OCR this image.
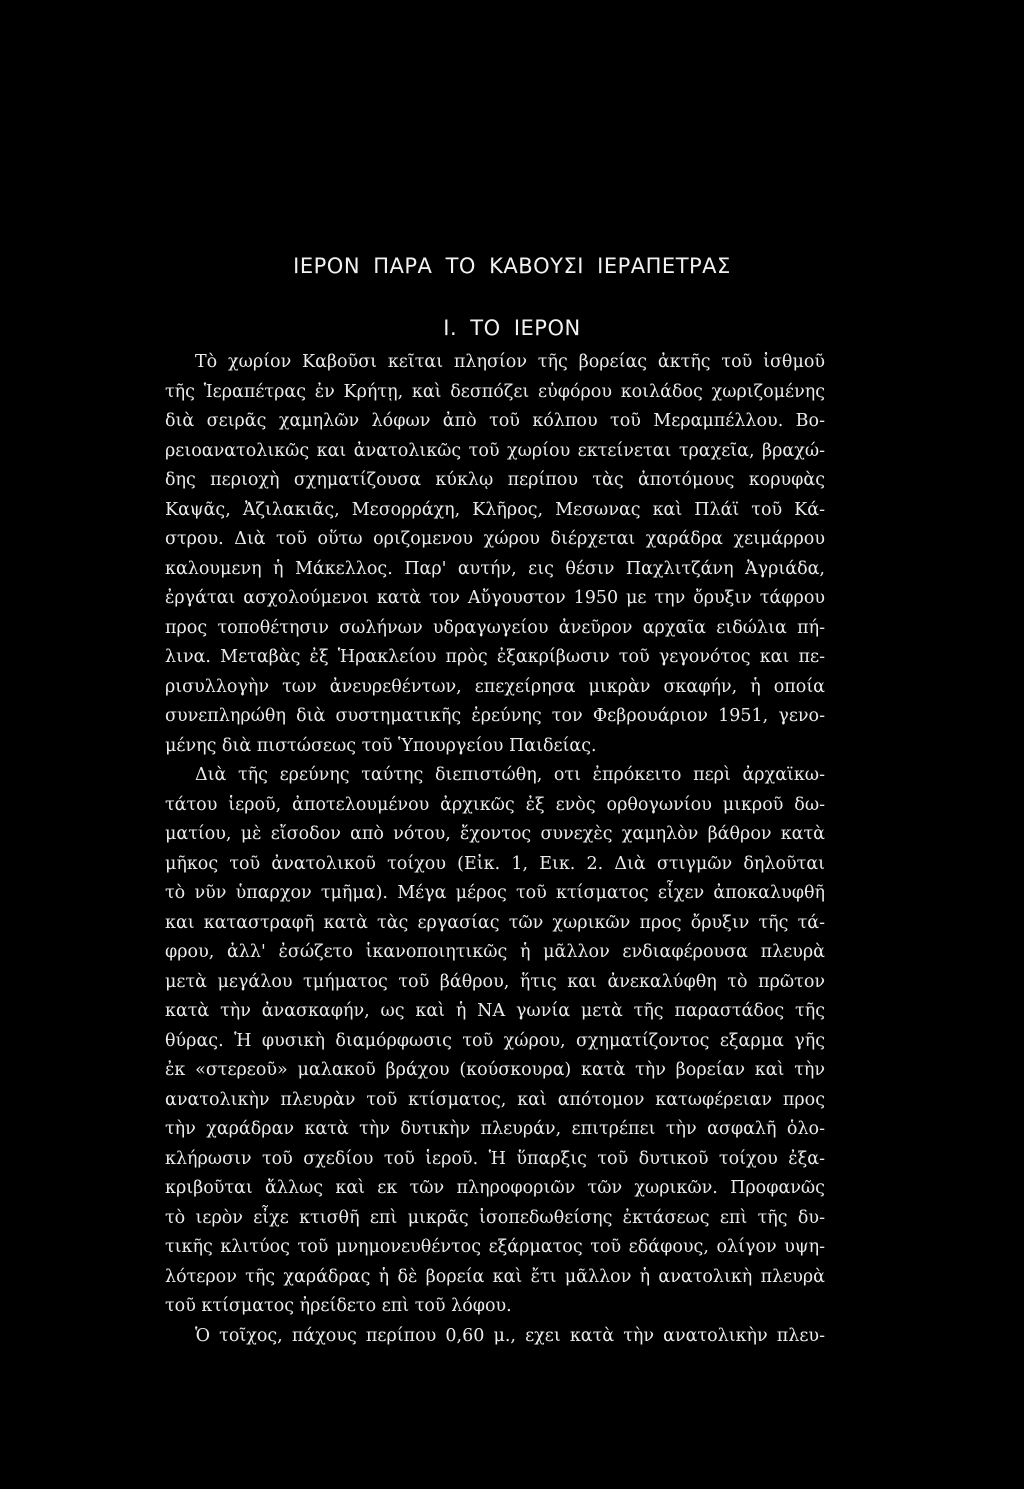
ΙΕΡΟΝ ΠΑΡΑ ΤΟ ΚΑΒΟΥΣΙ ΙΕΡΑΠΕΤΡΑΣ
Ι. ΤΟ ΙΕΡΟΝ
Τὸ χωρίον Καβοῦσι κεῖται πλησίον τῆς βορείας ἀκτῆς τοῦ ἰσθμοῦ
τῆς Ἱεραπέτρας ἐν Κρήτῃ, καὶ δεσπόζει εὐφόρου κοιλάδος χωριζομένης
διὰ σειρᾶς χαμηλῶν λόφων ἀπὸ τοῦ κόλπου τοῦ Μεραμπέλλου. Βο-
ρειοανατολικῶς και ἀνατολικῶς τοῦ χωρίου εκτείνεται τραχεῖα, βραχώ-
δης περιοχὴ σχηματίζουσα κύκλῳ περίπου τὰς ἀποτόμους κορυφὰς
Καψᾶς, Ἀζιλακιᾶς, Μεσορράχη, Κλῆρος, Μεσωνας καὶ Πλάϊ τοῦ Κά-
στρου. Διὰ τοῦ οὕτω οριζομενου χώρου διέρχεται χαράδρα χειμάρρου
καλουμενη ἡ Μάκελλος. Παρ' αυτήν, εις θέσιν Παχλιτζάνη Ἀγριάδα,
ἐργάται ασχολούμενοι κατὰ τον Αὔγουστον 1950 με την ὄρυξιν τάφρου
προς τοποθέτησιν σωλήνων υδραγωγείου ἀνεῦρον αρχαῖα ειδώλια πή-
λινα. Μεταβὰς ἐξ Ἡρακλείου πρὸς ἐξακρίβωσιν τοῦ γεγονότος και πε-
ρισυλλογὴν των ἀνευρεθέντων, επεχείρησα μικρὰν σκαφήν, ἡ οποία
συνεπληρώθη διὰ συστηματικῆς ἐρεύνης τον Φεβρουάριον 1951, γενο-
μένης διὰ πιστώσεως τοῦ Ὑπουργείου Παιδείας.
Διὰ τῆς ερεύνης ταύτης διεπιστώθη, οτι ἐπρόκειτο περὶ ἀρχαϊκω-
τάτου ἱεροῦ, ἀποτελουμένου ἀρχικῶς ἐξ ενὸς ορθογωνίου μικροῦ δω-
ματίου, μὲ εἴσοδον απὸ νότου, ἔχοντος συνεχὲς χαμηλὸν βάθρον κατὰ
μῆκος τοῦ ἀνατολικοῦ τοίχου (Εἰκ. 1, Εικ. 2. Διὰ στιγμῶν δηλοῦται
τὸ νῦν ὑπαρχον τμῆμα). Μέγα μέρος τοῦ κτίσματος εἶχεν ἀποκαλυφθῆ
και καταστραφῆ κατὰ τὰς εργασίας τῶν χωρικῶν προς ὄρυξιν τῆς τά-
φρου, ἀλλ' ἐσώζετο ἱκανοποιητικῶς ἡ μᾶλλον ενδιαφέρουσα πλευρὰ
μετὰ μεγάλου τμήματος τοῦ βάθρου, ἥτις και ἀνεκαλύφθη τὸ πρῶτον
κατὰ τὴν ἀνασκαφήν, ως καὶ ἡ ΝΑ γωνία μετὰ τῆς παραστάδος τῆς
θύρας. Ἡ φυσικὴ διαμόρφωσις τοῦ χώρου, σχηματίζοντος εξαρμα γῆς
ἐκ «στερεοῦ» μαλακοῦ βράχου (κούσκουρα) κατὰ τὴν βορείαν καὶ τὴν
ανατολικὴν πλευρὰν τοῦ κτίσματος, καὶ απότομον κατωφέρειαν προς
τὴν χαράδραν κατὰ τὴν δυτικὴν πλευράν, επιτρέπει τὴν ασφαλῆ ὁλο-
κλήρωσιν τοῦ σχεδίου τοῦ ἱεροῦ. Ἡ ὕπαρξις τοῦ δυτικοῦ τοίχου ἐξα-
κριβοῦται ἄλλως καὶ εκ τῶν πληροφοριῶν τῶν χωρικῶν. Προφανῶς
τὸ ιερὸν εἶχε κτισθῆ επὶ μικρᾶς ἰσοπεδωθείσης ἐκτάσεως επὶ τῆς δυ-
τικῆς κλιτύος τοῦ μνημονευθέντος εξάρματος τοῦ εδάφους, ολίγον υψη-
λότερον τῆς χαράδρας ἡ δὲ βορεία καὶ ἔτι μᾶλλον ἡ ανατολικὴ πλευρὰ
τοῦ κτίσματος ἠρείδετο επὶ τοῦ λόφου.
Ὁ τοῖχος, πάχους περίπου 0,60 μ., εχει κατὰ τὴν ανατολικὴν πλευ-
